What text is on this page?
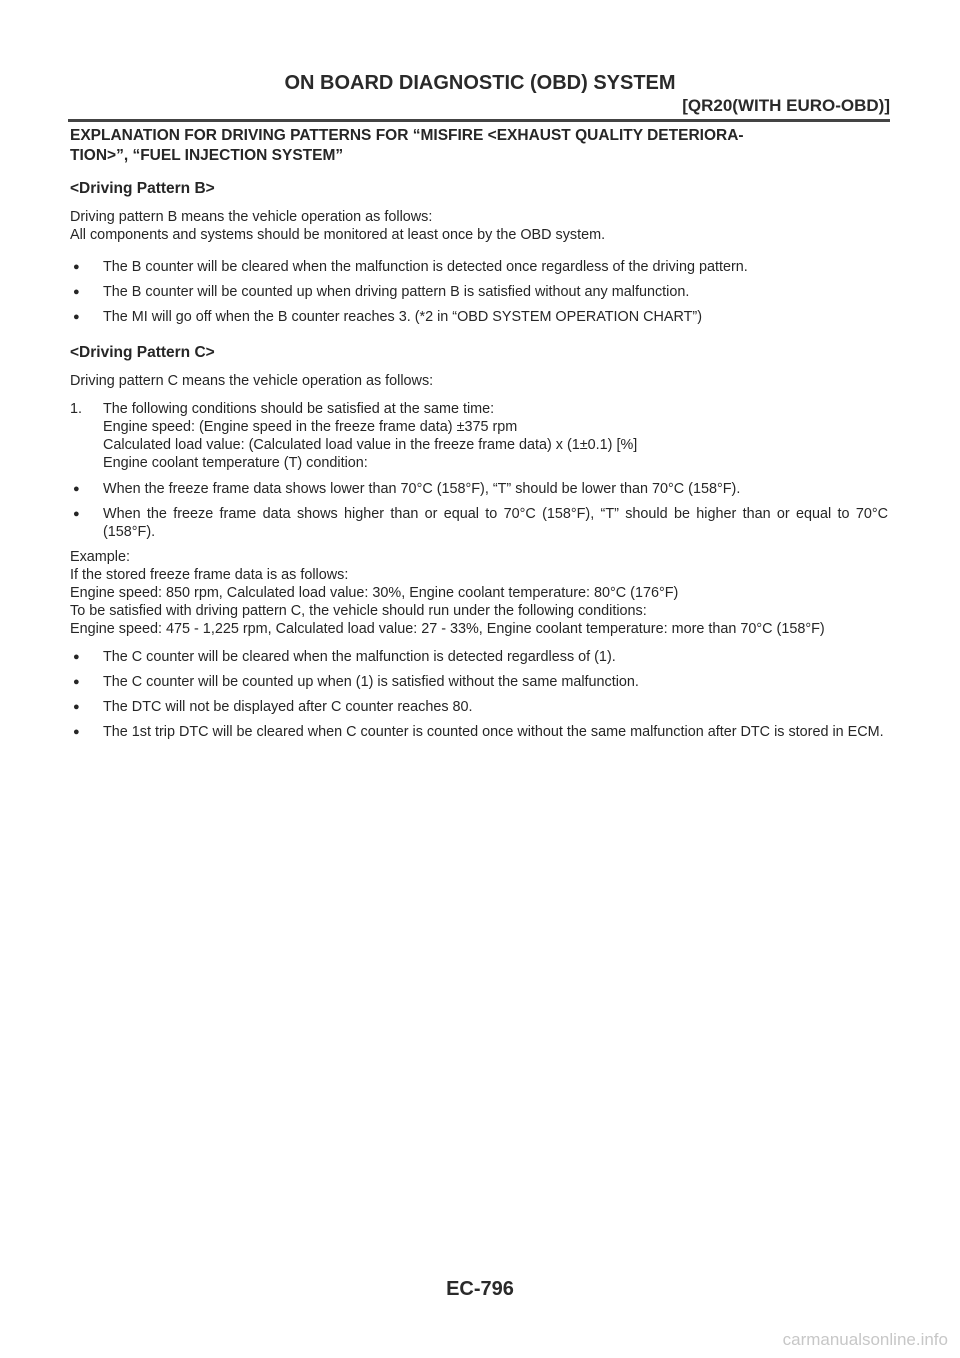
ON BOARD DIAGNOSTIC (OBD) SYSTEM
[QR20(WITH EURO-OBD)]
EXPLANATION FOR DRIVING PATTERNS FOR “MISFIRE <EXHAUST QUALITY DETERIORA-
TION>”, “FUEL INJECTION SYSTEM”
<Driving Pattern B>
Driving pattern B means the vehicle operation as follows:
All components and systems should be monitored at least once by the OBD system.
● The B counter will be cleared when the malfunction is detected once regardless of the driving pattern.
● The B counter will be counted up when driving pattern B is satisfied without any malfunction.
● The MI will go off when the B counter reaches 3. (*2 in “OBD SYSTEM OPERATION CHART”)
<Driving Pattern C>
Driving pattern C means the vehicle operation as follows:
1. The following conditions should be satisfied at the same time:
Engine speed: (Engine speed in the freeze frame data) ±375 rpm
Calculated load value: (Calculated load value in the freeze frame data) x (1±0.1) [%]
Engine coolant temperature (T) condition:
● When the freeze frame data shows lower than 70°C (158°F), “T” should be lower than 70°C (158°F).
● When the freeze frame data shows higher than or equal to 70°C (158°F), “T” should be higher than or equal to 70°C (158°F).
Example:
If the stored freeze frame data is as follows:
Engine speed: 850 rpm, Calculated load value: 30%, Engine coolant temperature: 80°C (176°F)
To be satisfied with driving pattern C, the vehicle should run under the following conditions:
Engine speed: 475 - 1,225 rpm, Calculated load value: 27 - 33%, Engine coolant temperature: more than 70°C (158°F)
● The C counter will be cleared when the malfunction is detected regardless of (1).
● The C counter will be counted up when (1) is satisfied without the same malfunction.
● The DTC will not be displayed after C counter reaches 80.
● The 1st trip DTC will be cleared when C counter is counted once without the same malfunction after DTC is stored in ECM.
EC-796
carmanualsonline.info
